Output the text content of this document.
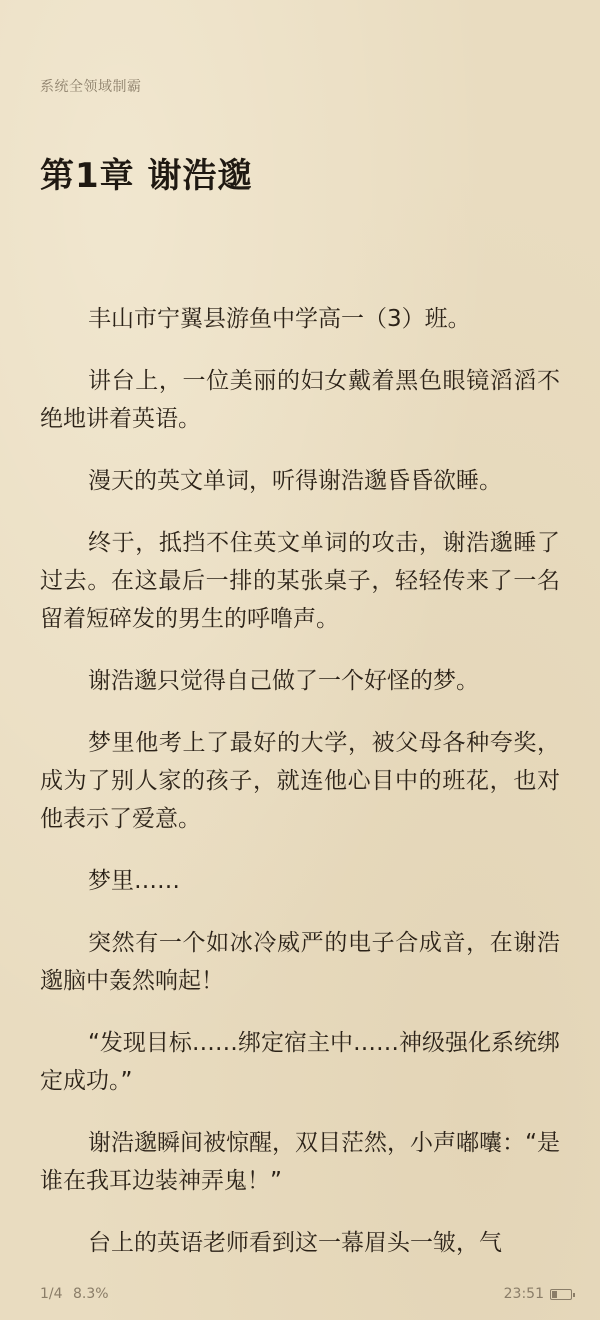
系统全领域制霸
第1章 谢浩邈

丰山市宁翼县游鱼中学高一（3）班。

讲台上，一位美丽的妇女戴着黑色眼镜滔滔不绝地讲着英语。

漫天的英文单词，听得谢浩邈昏昏欲睡。

终于，抵挡不住英文单词的攻击，谢浩邈睡了过去。在这最后一排的某张桌子，轻轻传来了一名留着短碎发的男生的呼噜声。

谢浩邈只觉得自己做了一个好怪的梦。

梦里他考上了最好的大学，被父母各种夸奖，成为了别人家的孩子，就连他心目中的班花，也对他表示了爱意。

梦里……

突然有一个如冰冷威严的电子合成音，在谢浩邈脑中轰然响起！

“发现目标……绑定宿主中……神级强化系统绑定成功。”

谢浩邈瞬间被惊醒，双目茫然，小声嘟囔：“是谁在我耳边装神弄鬼！”

台上的英语老师看到这一幕眉头一皱，气

1/4 8.3%	23:51
